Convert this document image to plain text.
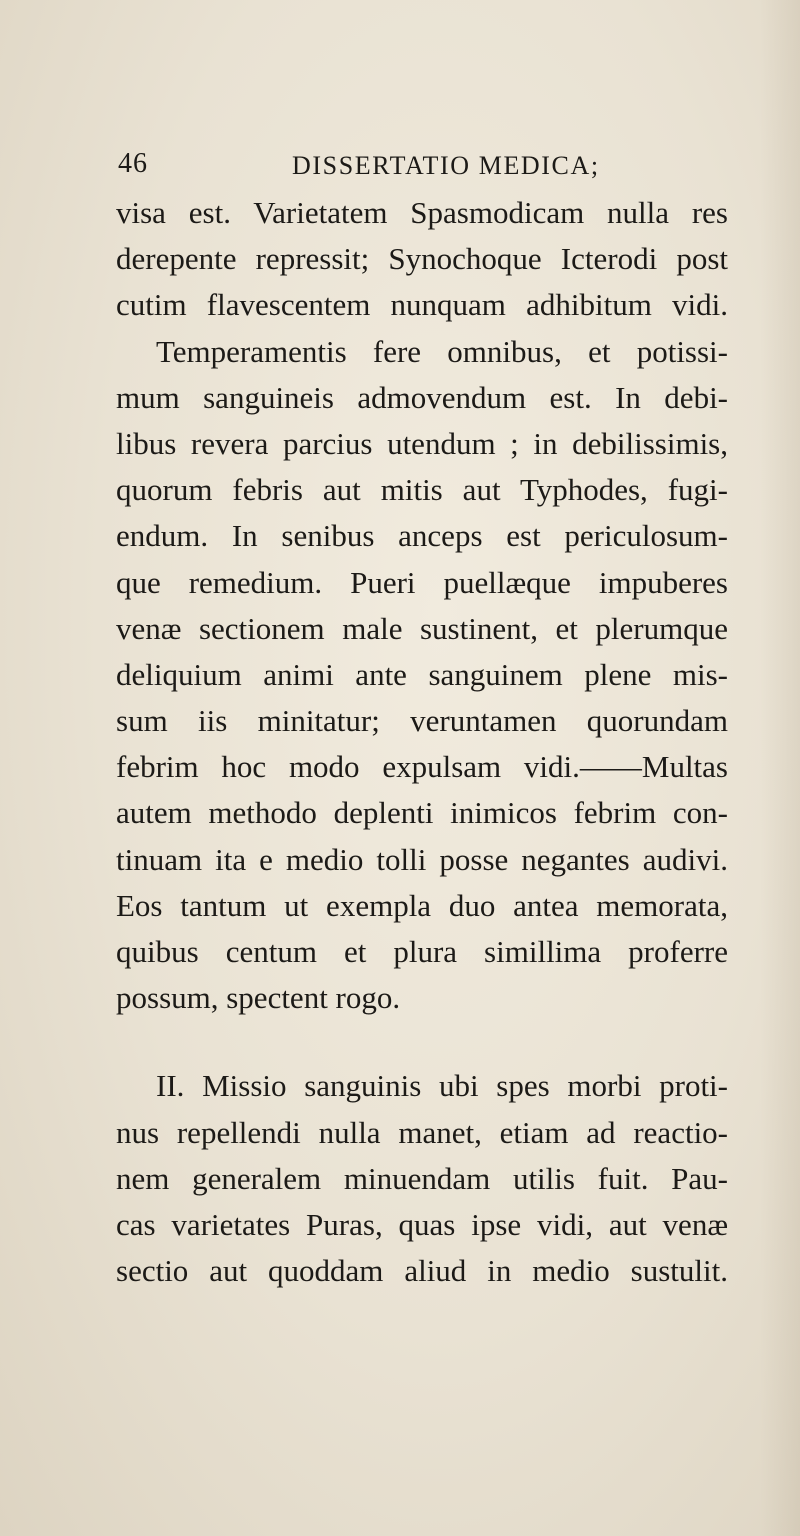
46	DISSERTATIO MEDICA;
visa est. Varietatem Spasmodicam nulla res
derepente repressit; Synochoque Icterodi post
cutim flavescentem nunquam adhibitum vidi.
Temperamentis fere omnibus, et potissi-
mum sanguineis admovendum est. In debi-
libus revera parcius utendum ; in debilissimis,
quorum febris aut mitis aut Typhodes, fugi-
endum. In senibus anceps est periculosum-
que remedium. Pueri puellæque impuberes
venæ sectionem male sustinent, et plerumque
deliquium animi ante sanguinem plene mis-
sum iis minitatur; veruntamen quorundam
febrim hoc modo expulsam vidi.——Multas
autem methodo deplenti inimicos febrim con-
tinuam ita e medio tolli posse negantes audivi.
Eos tantum ut exempla duo antea memorata,
quibus centum et plura simillima proferre
possum, spectent rogo.
II. Missio sanguinis ubi spes morbi proti-
nus repellendi nulla manet, etiam ad reactio-
nem generalem minuendam utilis fuit. Pau-
cas varietates Puras, quas ipse vidi, aut venæ
sectio aut quoddam aliud in medio sustulit.
